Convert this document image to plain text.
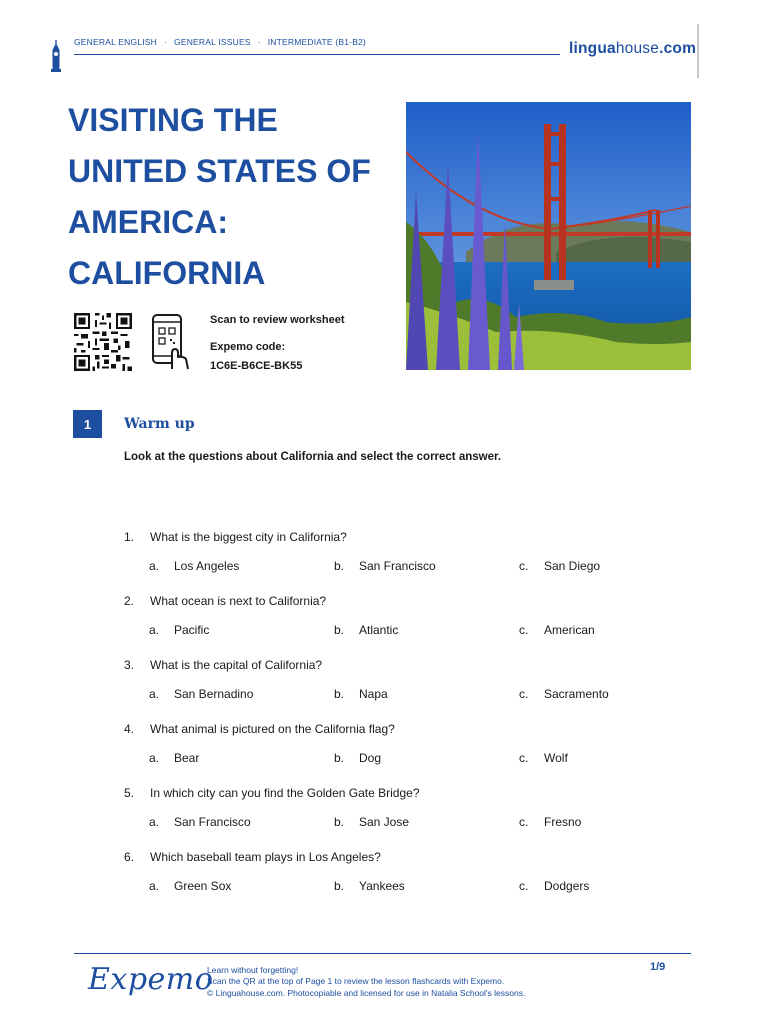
GENERAL ENGLISH · GENERAL ISSUES · INTERMEDIATE (B1-B2)	linguahouse.com
VISITING THE
UNITED STATES OF
AMERICA:
CALIFORNIA
Scan to review worksheet
Expemo code:
1C6E-B6CE-BK55
1	Warm up
Look at the questions about California and select the correct answer.
1. What is the biggest city in California?
a. Los Angeles	b. San Francisco	c. San Diego
2. What ocean is next to California?
a. Pacific	b. Atlantic	c. American
3. What is the capital of California?
a. San Bernadino	b. Napa	c. Sacramento
4. What animal is pictured on the California flag?
a. Bear	b. Dog	c. Wolf
5. In which city can you find the Golden Gate Bridge?
a. San Francisco	b. San Jose	c. Fresno
6. Which baseball team plays in Los Angeles?
a. Green Sox	b. Yankees	c. Dodgers
Expemo
Learn without forgetting!
Scan the QR at the top of Page 1 to review the lesson flashcards with Expemo.
© Linguahouse.com. Photocopiable and licensed for use in Natalia School's lessons.
1/9
